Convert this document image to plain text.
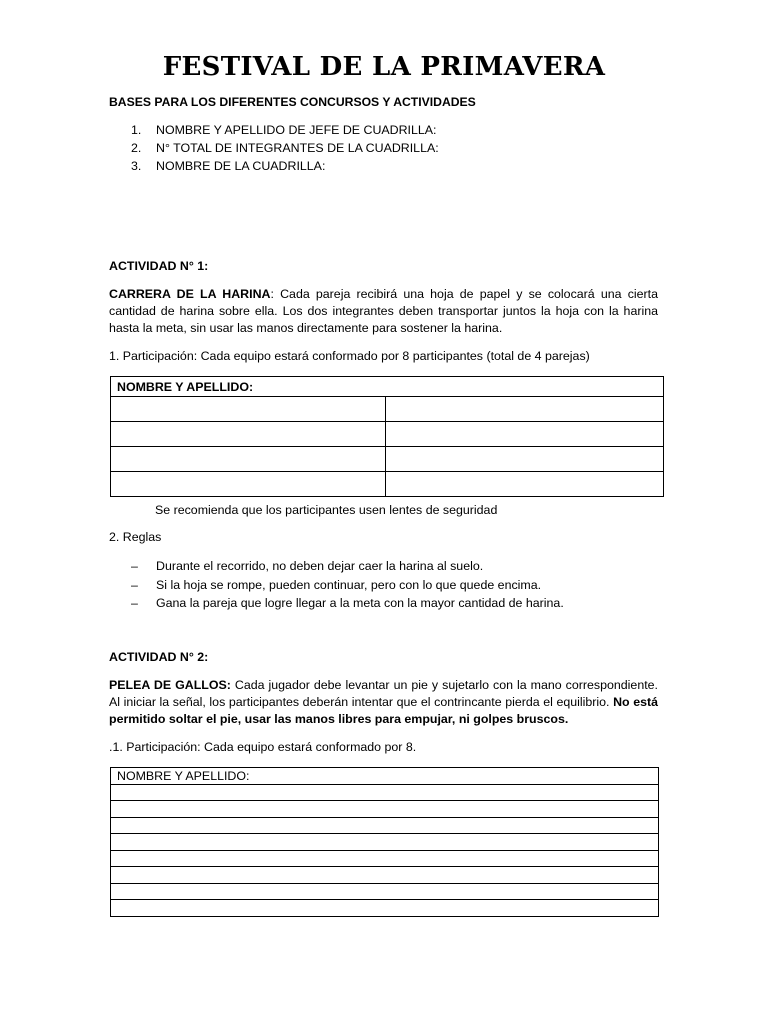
FESTIVAL DE LA PRIMAVERA
BASES PARA LOS DIFERENTES CONCURSOS Y ACTIVIDADES
1.	NOMBRE Y APELLIDO DE JEFE DE CUADRILLA:
2.	N° TOTAL DE INTEGRANTES DE LA CUADRILLA:
3.	NOMBRE DE LA CUADRILLA:
ACTIVIDAD N° 1:
CARRERA DE LA HARINA: Cada pareja recibirá una hoja de papel y se colocará una cierta cantidad de harina sobre ella. Los dos integrantes deben transportar juntos la hoja con la harina hasta la meta, sin usar las manos directamente para sostener la harina.
1. Participación: Cada equipo estará conformado por 8 participantes (total de 4 parejas)
NOMBRE Y APELLIDO:	

Se recomienda que los participantes usen lentes de seguridad
2. Reglas
–	Durante el recorrido, no deben dejar caer la harina al suelo.
–	Si la hoja se rompe, pueden continuar, pero con lo que quede encima.
–	Gana la pareja que logre llegar a la meta con la mayor cantidad de harina.
ACTIVIDAD N° 2:
PELEA DE GALLOS: Cada jugador debe levantar un pie y sujetarlo con la mano correspondiente. Al iniciar la señal, los participantes deberán intentar que el contrincante pierda el equilibrio. No está permitido soltar el pie, usar las manos libres para empujar, ni golpes bruscos.
.1. Participación: Cada equipo estará conformado por 8.
NOMBRE Y APELLIDO:
